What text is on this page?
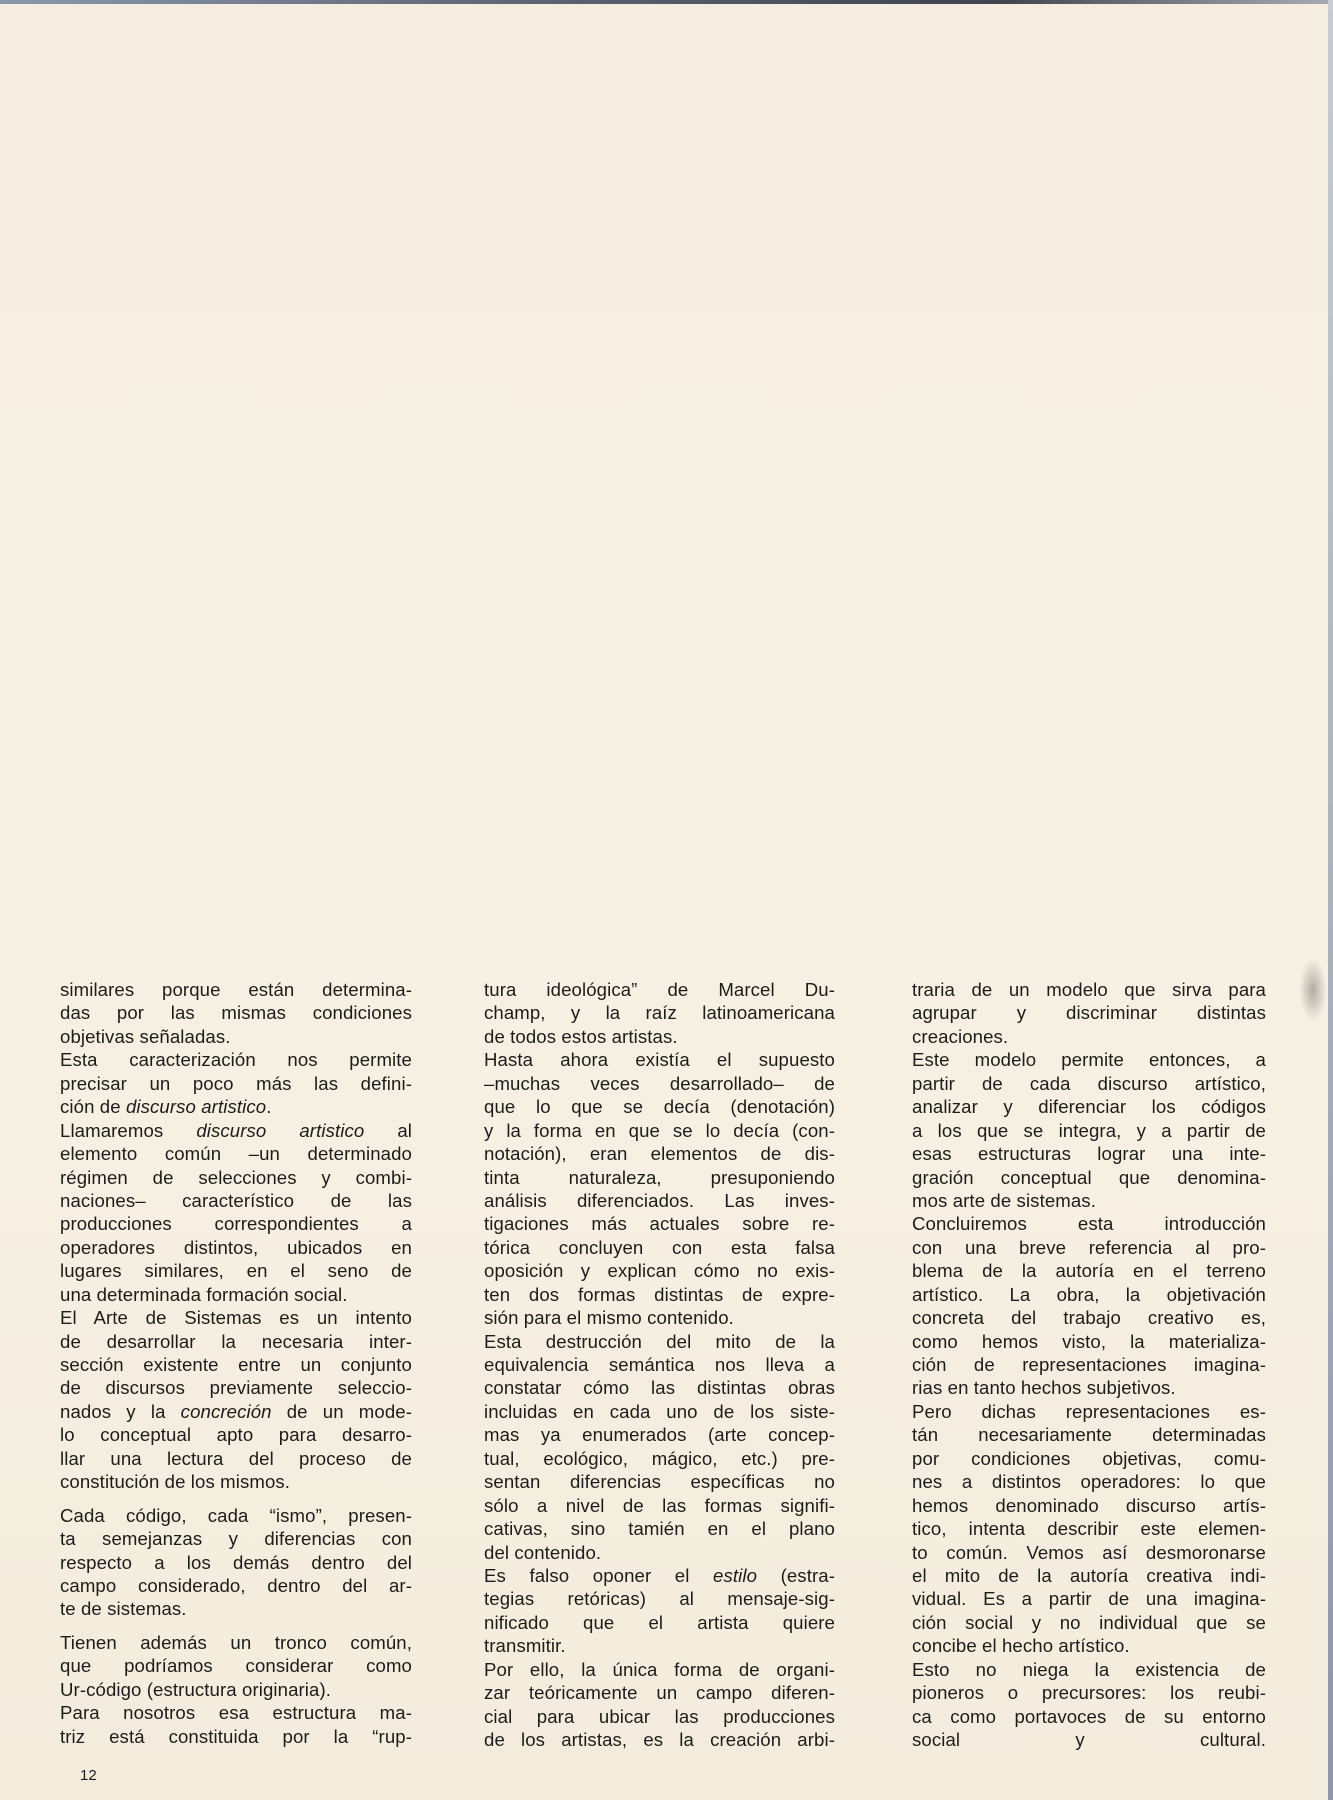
similares porque están determina-
das por las mismas condiciones
objetivas señaladas.
Esta caracterización nos permite
precisar un poco más las defini-
ción de discurso artistico.
Llamaremos discurso artistico al
elemento común –un determinado
régimen de selecciones y combi-
naciones– característico de las
producciones correspondientes a
operadores distintos, ubicados en
lugares similares, en el seno de
una determinada formación social.
El Arte de Sistemas es un intento
de desarrollar la necesaria inter-
sección existente entre un conjunto
de discursos previamente seleccio-
nados y la concreción de un mode-
lo conceptual apto para desarro-
llar una lectura del proceso de
constitución de los mismos.
Cada código, cada “ismo”, presen-
ta semejanzas y diferencias con
respecto a los demás dentro del
campo considerado, dentro del ar-
te de sistemas.
Tienen además un tronco común,
que podríamos considerar como
Ur-código (estructura originaria).
Para nosotros esa estructura ma-
triz está constituida por la “rup-
tura ideológica” de Marcel Du-
champ, y la raíz latinoamericana
de todos estos artistas.
Hasta ahora existía el supuesto
–muchas veces desarrollado– de
que lo que se decía (denotación)
y la forma en que se lo decía (con-
notación), eran elementos de dis-
tinta naturaleza, presuponiendo
análisis diferenciados. Las inves-
tigaciones más actuales sobre re-
tórica concluyen con esta falsa
oposición y explican cómo no exis-
ten dos formas distintas de expre-
sión para el mismo contenido.
Esta destrucción del mito de la
equivalencia semántica nos lleva a
constatar cómo las distintas obras
incluidas en cada uno de los siste-
mas ya enumerados (arte concep-
tual, ecológico, mágico, etc.) pre-
sentan diferencias específicas no
sólo a nivel de las formas signifi-
cativas, sino tamién en el plano
del contenido.
Es falso oponer el estilo (estra-
tegias retóricas) al mensaje-sig-
nificado que el artista quiere
transmitir.
Por ello, la única forma de organi-
zar teóricamente un campo diferen-
cial para ubicar las producciones
de los artistas, es la creación arbi-
traria de un modelo que sirva para
agrupar y discriminar distintas
creaciones.
Este modelo permite entonces, a
partir de cada discurso artístico,
analizar y diferenciar los códigos
a los que se integra, y a partir de
esas estructuras lograr una inte-
gración conceptual que denomina-
mos arte de sistemas.
Concluiremos esta introducción
con una breve referencia al pro-
blema de la autoría en el terreno
artístico. La obra, la objetivación
concreta del trabajo creativo es,
como hemos visto, la materializa-
ción de representaciones imagina-
rias en tanto hechos subjetivos.
Pero dichas representaciones es-
tán necesariamente determinadas
por condiciones objetivas, comu-
nes a distintos operadores: lo que
hemos denominado discurso artís-
tico, intenta describir este elemen-
to común. Vemos así desmoronarse
el mito de la autoría creativa indi-
vidual. Es a partir de una imagina-
ción social y no individual que se
concibe el hecho artístico.
Esto no niega la existencia de
pioneros o precursores: los reubi-
ca como portavoces de su entorno
social y cultural.
12
